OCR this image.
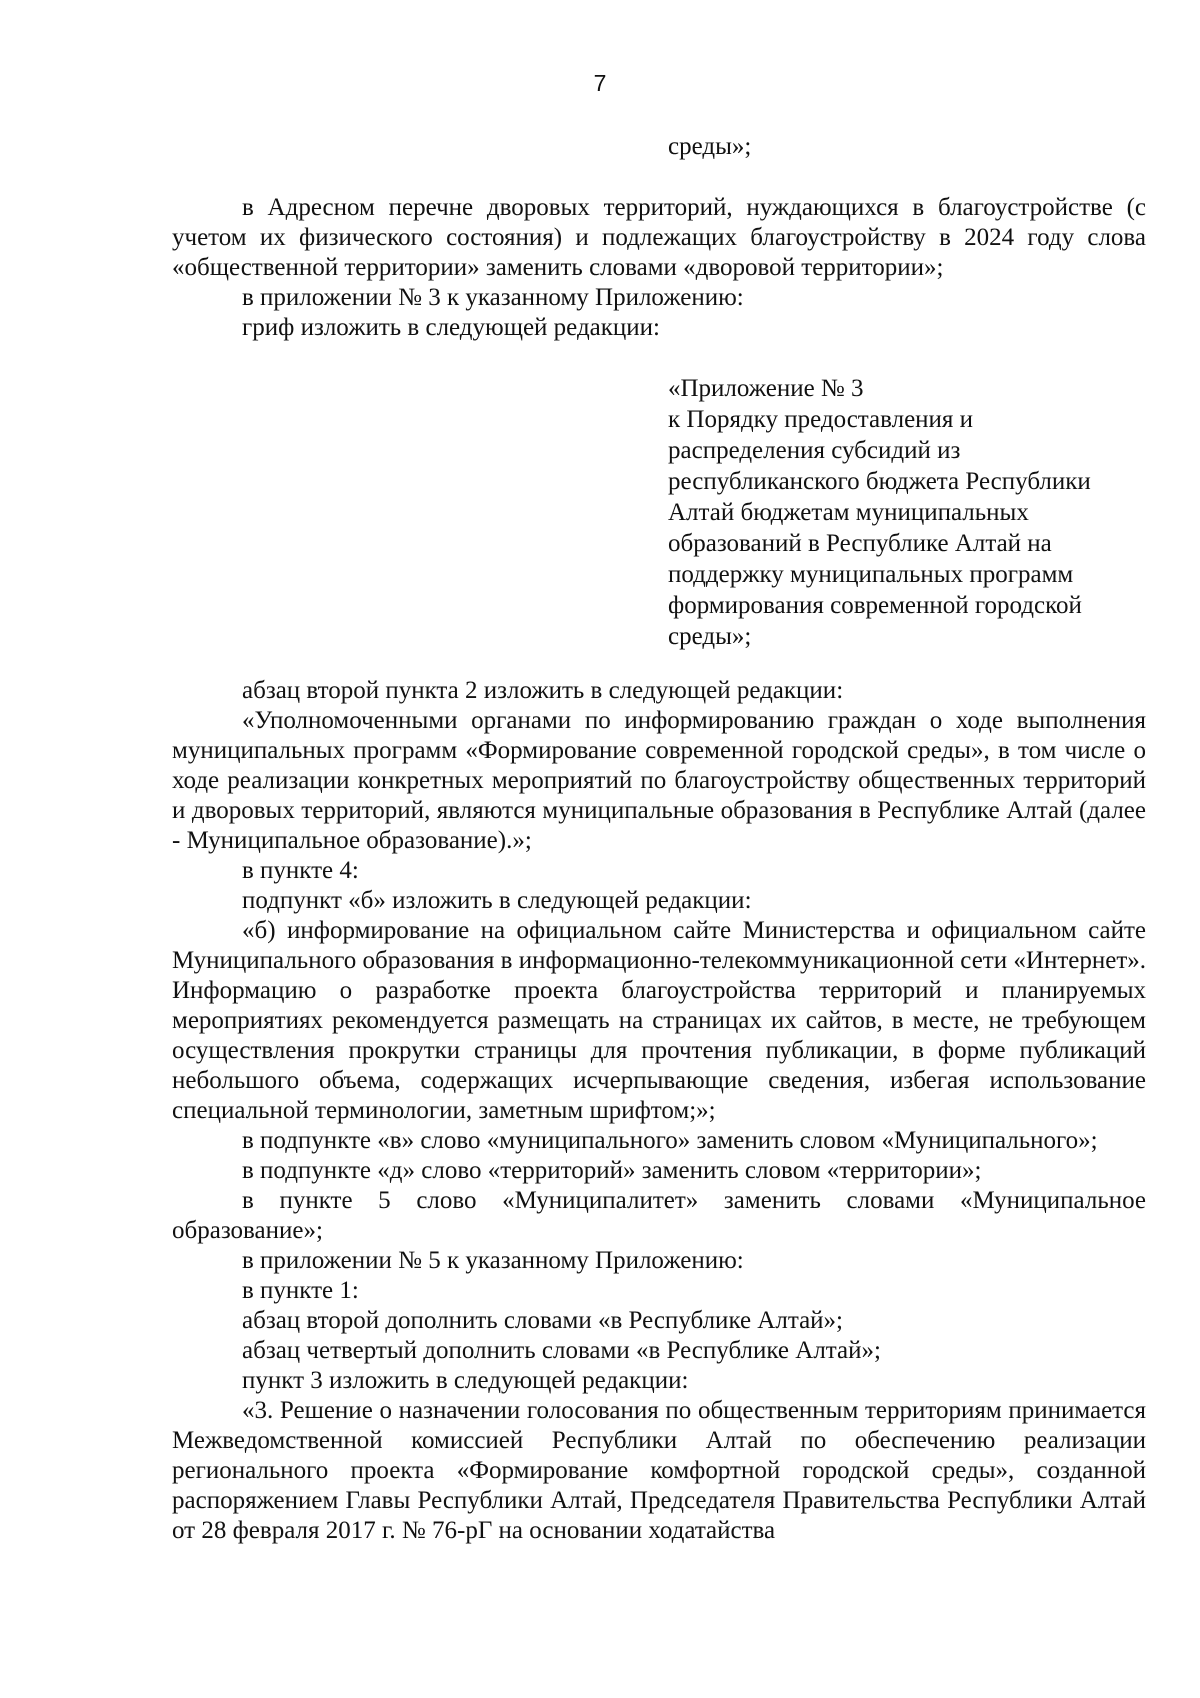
7
среды»;

в Адресном перечне дворовых территорий, нуждающихся в благоустройстве (с учетом их физического состояния) и подлежащих благоустройству в 2024 году слова «общественной территории» заменить словами «дворовой территории»;

в приложении № 3 к указанному Приложению:

гриф изложить в следующей редакции:

«Приложение № 3
к Порядку предоставления и
распределения субсидий из
республиканского бюджета Республики
Алтай бюджетам муниципальных
образований в Республике Алтай на
поддержку муниципальных программ
формирования современной городской
среды»;

абзац второй пункта 2 изложить в следующей редакции:

«Уполномоченными органами по информированию граждан о ходе выполнения муниципальных программ «Формирование современной городской среды», в том числе о ходе реализации конкретных мероприятий по благоустройству общественных территорий и дворовых территорий, являются муниципальные образования в Республике Алтай (далее - Муниципальное образование).»;

в пункте 4:

подпункт «б» изложить в следующей редакции:

«б) информирование на официальном сайте Министерства и официальном сайте Муниципального образования в информационно-телекоммуникационной сети «Интернет». Информацию о разработке проекта благоустройства территорий и планируемых мероприятиях рекомендуется размещать на страницах их сайтов, в месте, не требующем осуществления прокрутки страницы для прочтения публикации, в форме публикаций небольшого объема, содержащих исчерпывающие сведения, избегая использование специальной терминологии, заметным шрифтом;»;

в подпункте «в» слово «муниципального» заменить словом «Муниципального»;

в подпункте «д» слово «территорий» заменить словом «территории»;

в пункте 5 слово «Муниципалитет» заменить словами «Муниципальное образование»;

в приложении № 5 к указанному Приложению:

в пункте 1:

абзац второй дополнить словами «в Республике Алтай»;

абзац четвертый дополнить словами «в Республике Алтай»;

пункт 3 изложить в следующей редакции:

«3. Решение о назначении голосования по общественным территориям принимается Межведомственной комиссией Республики Алтай по обеспечению реализации регионального проекта «Формирование комфортной городской среды», созданной распоряжением Главы Республики Алтай, Председателя Правительства Республики Алтай от 28 февраля 2017 г. № 76-рГ на основании ходатайства
